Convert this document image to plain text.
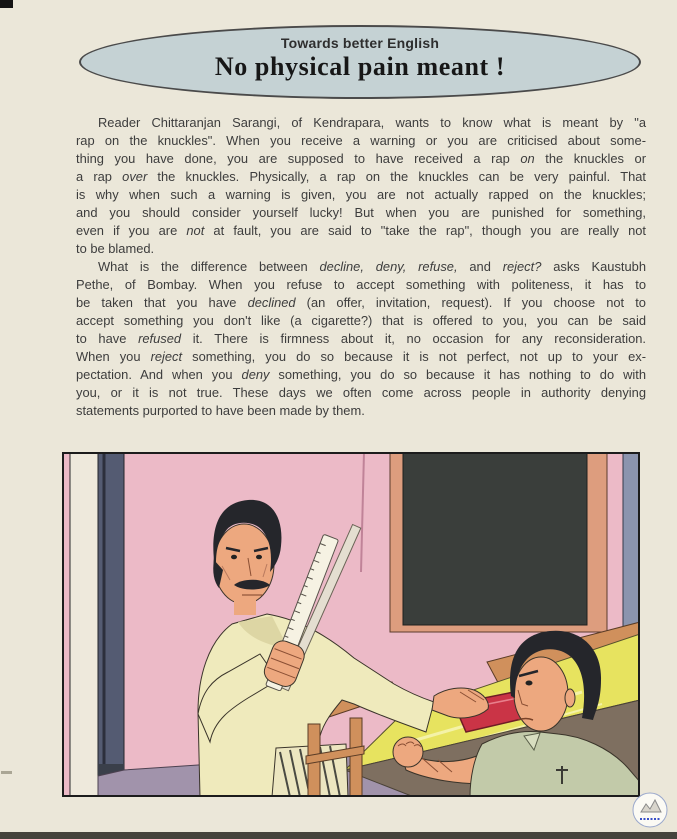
Towards better English
No physical pain meant !
Reader Chittaranjan Sarangi, of Kendrapara, wants to know what is meant by "a
rap on the knuckles". When you receive a warning or you are criticised about some-
thing you have done, you are supposed to have received a rap on the knuckles or
a rap over the knuckles. Physically, a rap on the knuckles can be very painful. That
is why when such a warning is given, you are not actually rapped on the knuckles;
and you should consider yourself lucky! But when you are punished for something,
even if you are not at fault, you are said to "take the rap", though you are really not
to be blamed.
What is the difference between decline, deny, refuse, and reject? asks Kaustubh
Pethe, of Bombay. When you refuse to accept something with politeness, it has to
be taken that you have declined (an offer, invitation, request). If you choose not to
accept something you don't like (a cigarette?) that is offered to you, you can be said
to have refused it. There is firmness about it, no occasion for any reconsideration.
When you reject something, you do so because it is not perfect, not up to your ex-
pectation. And when you deny something, you do so because it has nothing to do with
you, or it is not true. These days we often come across people in authority denying
statements purported to have been made by them.
